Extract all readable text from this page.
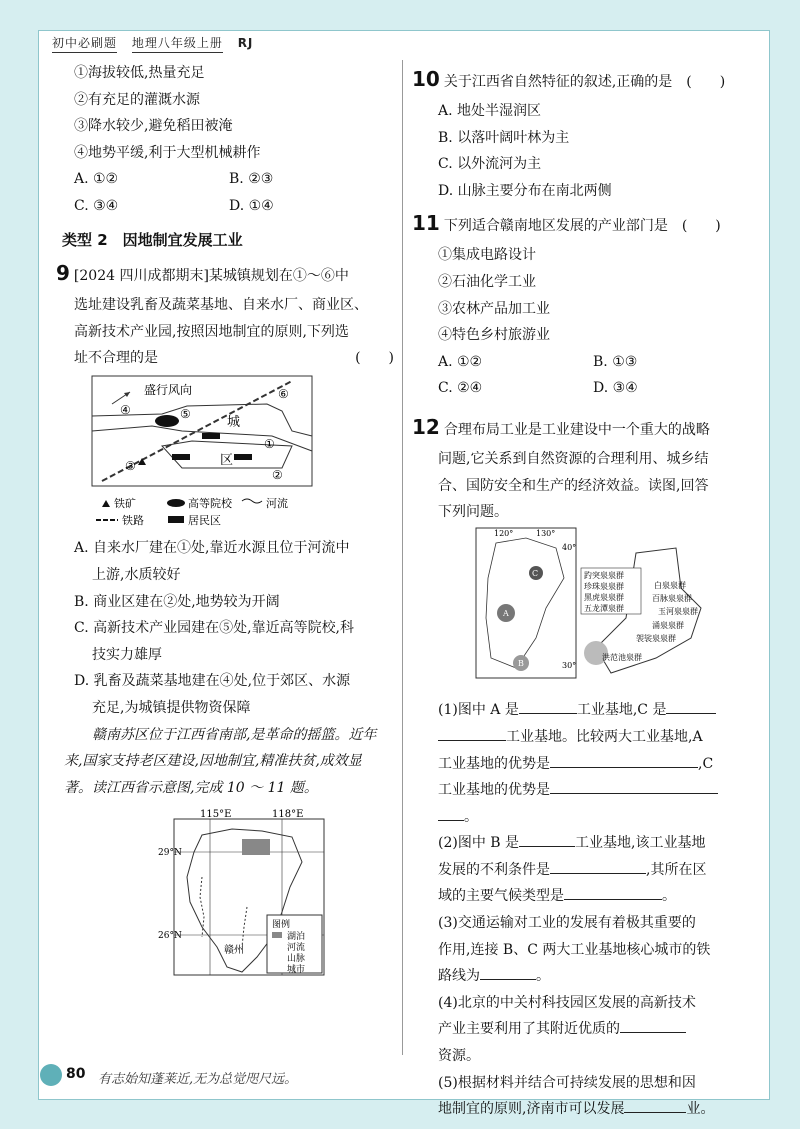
初中必刷题 地理八年级上册 RJ
①海拔较低,热量充足
②有充足的灌溉水源
③降水较少,避免稻田被淹
④地势平缓,利于大型机械耕作
A. ①②	B. ②③
C. ③④	D. ①④
类型 2　因地制宜发展工业
9 [2024 四川成都期末]某城镇规划在①～⑥中
选址建设乳畜及蔬菜基地、自来水厂、商业区、
高新技术产业园,按照因地制宜的原则,下列选
址不合理的是	(　　)
盛行风向
城
区
①
②
③
④	⑤
⑥
铁矿	高等院校	河流
铁路	居民区
A. 自来水厂建在①处,靠近水源且位于河流中
上游,水质较好
B. 商业区建在②处,地势较为开阔
C. 高新技术产业园建在⑤处,靠近高等院校,科
技实力雄厚
D. 乳畜及蔬菜基地建在④处,位于郊区、水源
充足,为城镇提供物资保障
赣南苏区位于江西省南部,是革命的摇篮。近年来,国家支持老区建设,因地制宜,精准扶贫,成效显著。读江西省示意图,完成 10 ～ 11 题。
115°E	118°E
29°N
26°N
赣州
图例
湖泊
河流
山脉
城市
10 关于江西省自然特征的叙述,正确的是 (　　)
A. 地处半湿润区
B. 以落叶阔叶林为主
C. 以外流河为主
D. 山脉主要分布在南北两侧
11 下列适合赣南地区发展的产业部门是 (　　)
①集成电路设计
②石油化学工业
③农林产品加工业
④特色乡村旅游业
A. ①②	B. ①③
C. ②④	D. ③④
12 合理布局工业是工业建设中一个重大的战略
问题,它关系到自然资源的合理利用、城乡结
合、国防安全和生产的经济效益。读图,回答
下列问题。
120°	130°
40°
30°
C
A
B
趵突泉泉群
珍珠泉泉群
黑虎泉泉群
五龙潭泉群
白泉泉群
百脉泉泉群
玉河泉泉群
涌泉泉群
袈裟泉泉群
洪范池泉群
(1)图中 A 是	工业基地,C 是
工业基地。比较两大工业基地,A
工业基地的优势是	,C
工业基地的优势是
。
(2)图中 B 是	工业基地,该工业基地
发展的不利条件是	,其所在区
域的主要气候类型是	。
(3)交通运输对工业的发展有着极其重要的
作用,连接 B、C 两大工业基地核心城市的铁
路线为	。
(4)北京的中关村科技园区发展的高新技术
产业主要利用了其附近优质的
资源。
(5)根据材料并结合可持续发展的思想和因
地制宜的原则,济南市可以发展	业。
80 有志始知蓬莱近,无为总觉咫尺远。
